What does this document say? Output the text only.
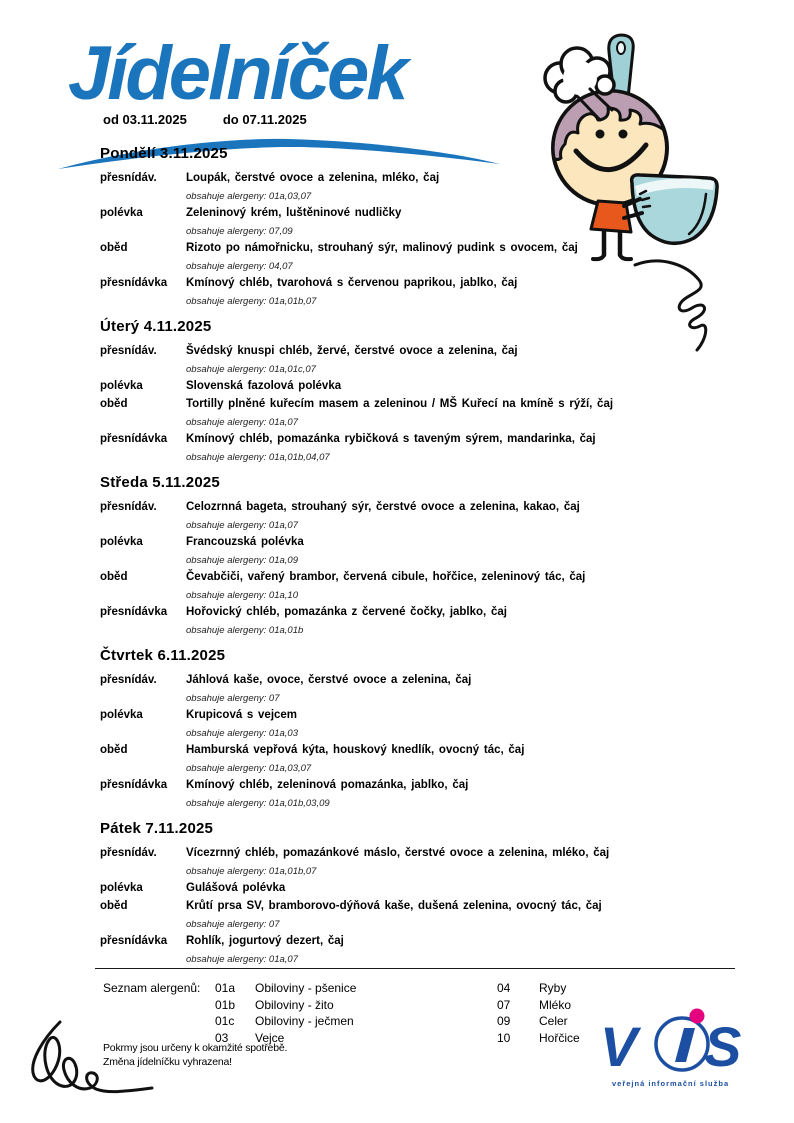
Jídelníček
od 03.11.2025	do 07.11.2025
Pondělí 3.11.2025
přesnídáv.	Loupák, čerstvé ovoce a zelenina, mléko, čaj
obsahuje alergeny: 01a,03,07
polévka	Zeleninový krém, luštěninové nudličky
obsahuje alergeny: 07,09
oběd	Rizoto po námořnicku, strouhaný sýr, malinový pudink s ovocem, čaj
obsahuje alergeny: 04,07
přesnídávka	Kmínový chléb, tvarohová s červenou paprikou, jablko, čaj
obsahuje alergeny: 01a,01b,07
Úterý 4.11.2025
přesnídáv.	Švédský knuspi chléb, žervé, čerstvé ovoce a zelenina, čaj
obsahuje alergeny: 01a,01c,07
polévka	Slovenská fazolová polévka
oběd	Tortilly plněné kuřecím masem a zeleninou / MŠ Kuřecí na kmíně s rýží, čaj
obsahuje alergeny: 01a,07
přesnídávka	Kmínový chléb, pomazánka rybičková s taveným sýrem, mandarinka, čaj
obsahuje alergeny: 01a,01b,04,07
Středa 5.11.2025
přesnídáv.	Celozrnná bageta, strouhaný sýr, čerstvé ovoce a zelenina, kakao, čaj
obsahuje alergeny: 01a,07
polévka	Francouzská polévka
obsahuje alergeny: 01a,09
oběd	Čevabčiči, vařený brambor, červená cibule, hořčice, zeleninový tác, čaj
obsahuje alergeny: 01a,10
přesnídávka	Hořovický chléb, pomazánka z červené čočky, jablko, čaj
obsahuje alergeny: 01a,01b
Čtvrtek 6.11.2025
přesnídáv.	Jáhlová kaše, ovoce, čerstvé ovoce a zelenina, čaj
obsahuje alergeny: 07
polévka	Krupicová s vejcem
obsahuje alergeny: 01a,03
oběd	Hamburská vepřová kýta, houskový knedlík, ovocný tác, čaj
obsahuje alergeny: 01a,03,07
přesnídávka	Kmínový chléb, zeleninová pomazánka, jablko, čaj
obsahuje alergeny: 01a,01b,03,09
Pátek 7.11.2025
přesnídáv.	Vícezrnný chléb, pomazánkové máslo, čerstvé ovoce a zelenina, mléko, čaj
obsahuje alergeny: 01a,01b,07
polévka	Gulášová polévka
oběd	Krůtí prsa SV, bramborovo-dýňová kaše, dušená zelenina, ovocný tác, čaj
obsahuje alergeny: 07
přesnídávka	Rohlík, jogurtový dezert, čaj
obsahuje alergeny: 01a,07
Seznam alergenů:	01a	Obiloviny - pšenice
01b	Obiloviny - žito
01c	Obiloviny - ječmen
03	Vejce
04	Ryby
07	Mléko
09	Celer
10	Hořčice
Pokrmy jsou určeny k okamžité spotřebě.
Změna jídelníčku vyhrazena!	V S
veřejná informační služba
